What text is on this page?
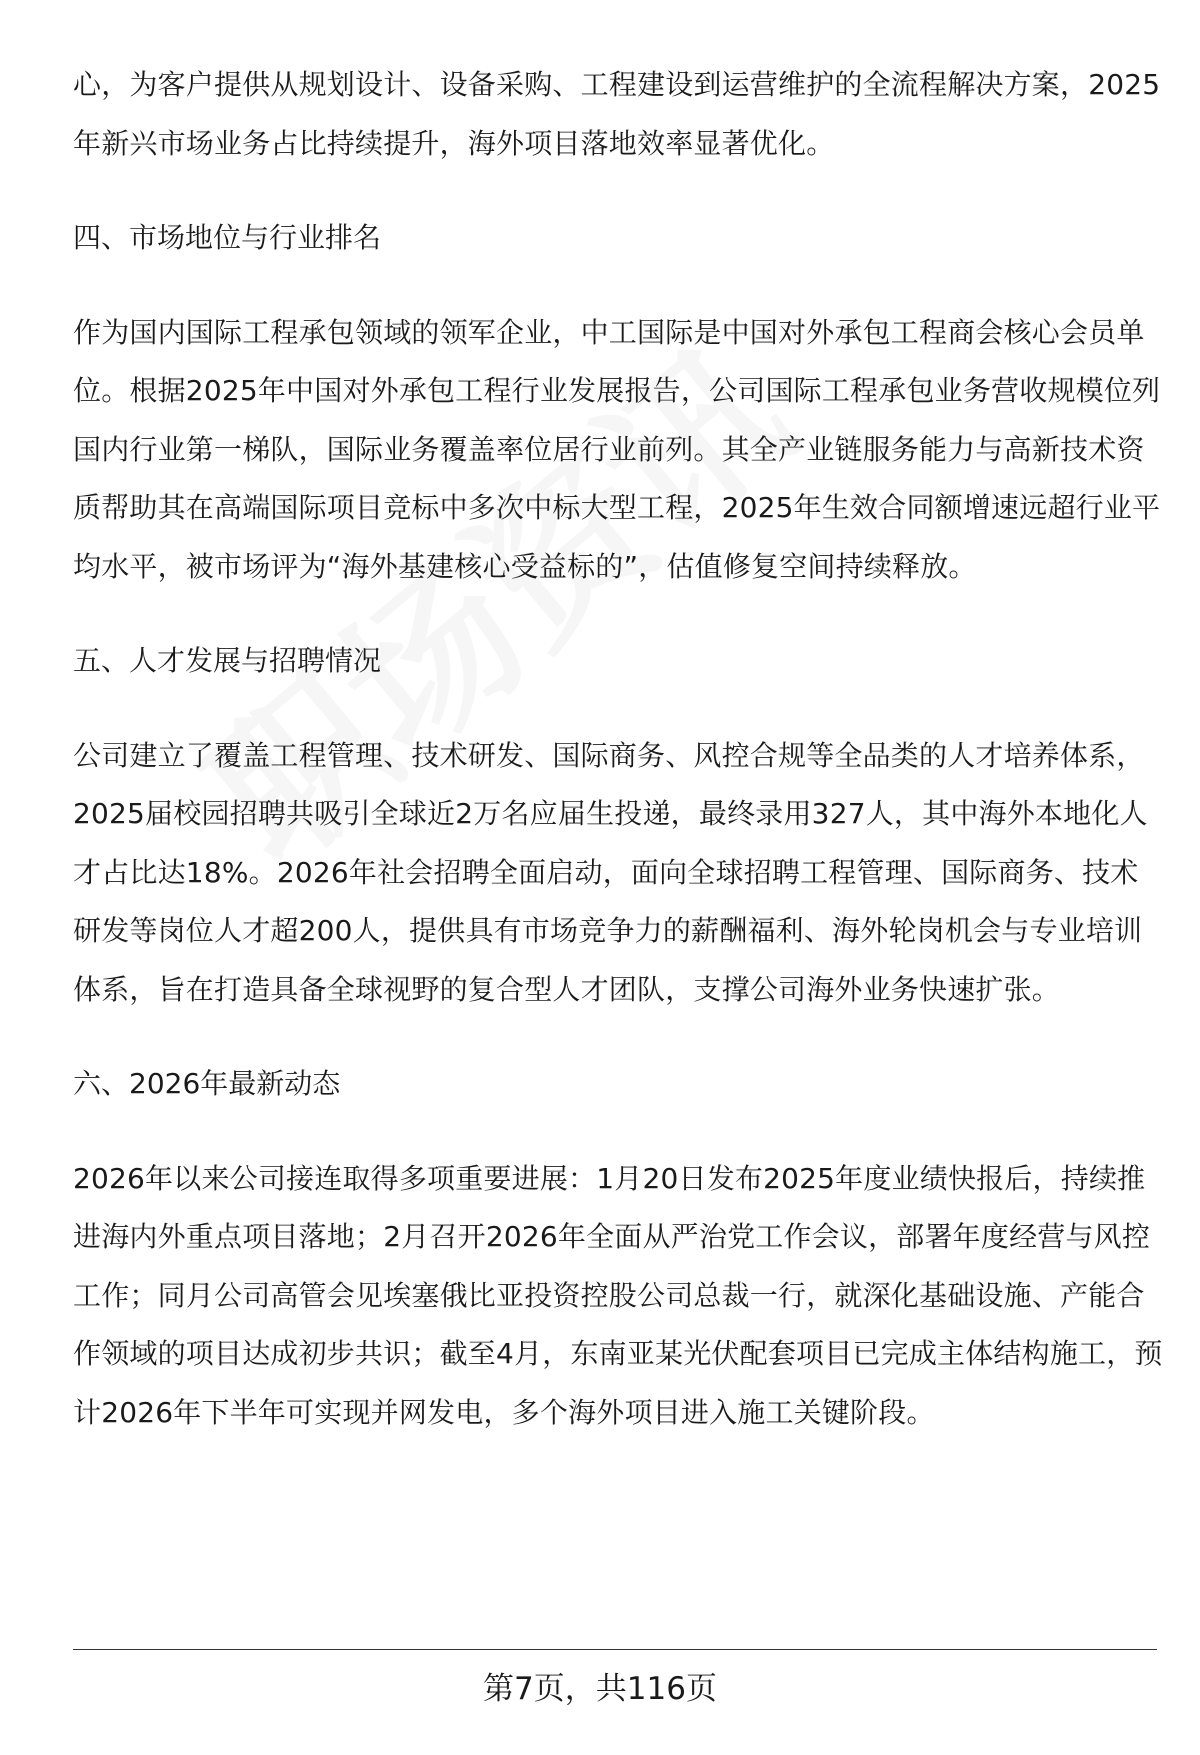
心，为客户提供从规划设计、设备采购、工程建设到运营维护的全流程解决方案，2025年新兴市场业务占比持续提升，海外项目落地效率显著优化。

四、市场地位与行业排名

作为国内国际工程承包领域的领军企业，中工国际是中国对外承包工程商会核心会员单位。根据2025年中国对外承包工程行业发展报告，公司国际工程承包业务营收规模位列国内行业第一梯队，国际业务覆盖率位居行业前列。其全产业链服务能力与高新技术资质帮助其在高端国际项目竞标中多次中标大型工程，2025年生效合同额增速远超行业平均水平，被市场评为“海外基建核心受益标的”，估值修复空间持续释放。

五、人才发展与招聘情况

公司建立了覆盖工程管理、技术研发、国际商务、风控合规等全品类的人才培养体系，2025届校园招聘共吸引全球近2万名应届生投递，最终录用327人，其中海外本地化人才占比达18%。2026年社会招聘全面启动，面向全球招聘工程管理、国际商务、技术研发等岗位人才超200人，提供具有市场竞争力的薪酬福利、海外轮岗机会与专业培训体系，旨在打造具备全球视野的复合型人才团队，支撑公司海外业务快速扩张。

六、2026年最新动态

2026年以来公司接连取得多项重要进展：1月20日发布2025年度业绩快报后，持续推进海内外重点项目落地；2月召开2026年全面从严治党工作会议，部署年度经营与风控工作；同月公司高管会见埃塞俄比亚投资控股公司总裁一行，就深化基础设施、产能合作领域的项目达成初步共识；截至4月，东南亚某光伏配套项目已完成主体结构施工，预计2026年下半年可实现并网发电，多个海外项目进入施工关键阶段。

第7页，共116页
